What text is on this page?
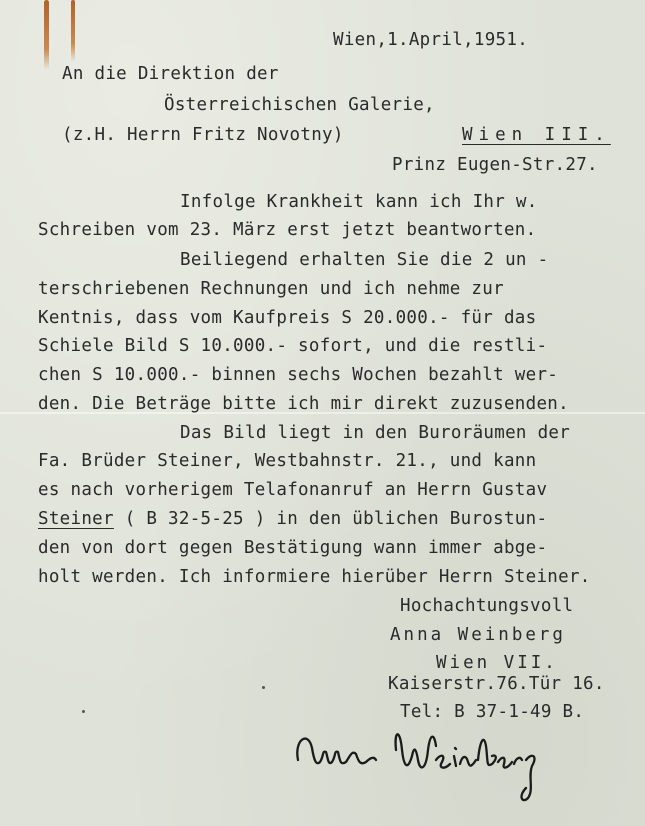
Wien,1.April,1951.
An die Direktion der
Österreichischen Galerie,
(z.H. Herrn Fritz Novotny)	Wien III.
Prinz Eugen-Str.27.
Infolge Krankheit kann ich Ihr w.
Schreiben vom 23. März erst jetzt beantworten.
Beiliegend erhalten Sie die 2 un -
terschriebenen Rechnungen und ich nehme zur
Kentnis, dass vom Kaufpreis S 20.000.- für das
Schiele Bild S 10.000.- sofort, und die restli-
chen S 10.000.- binnen sechs Wochen bezahlt wer-
den. Die Beträge bitte ich mir direkt zuzusenden.
Das Bild liegt in den Buroräumen der
Fa. Brüder Steiner, Westbahnstr. 21., und kann
es nach vorherigem Telafonanruf an Herrn Gustav
Steiner ( B 32-5-25 ) in den üblichen Burostun-
den von dort gegen Bestätigung wann immer abge-
holt werden. Ich informiere hierüber Herrn Steiner.
Hochachtungsvoll
Anna Weinberg
Wien VII.
Kaiserstr.76.Tür 16.
Tel: B 37-1-49 B.
